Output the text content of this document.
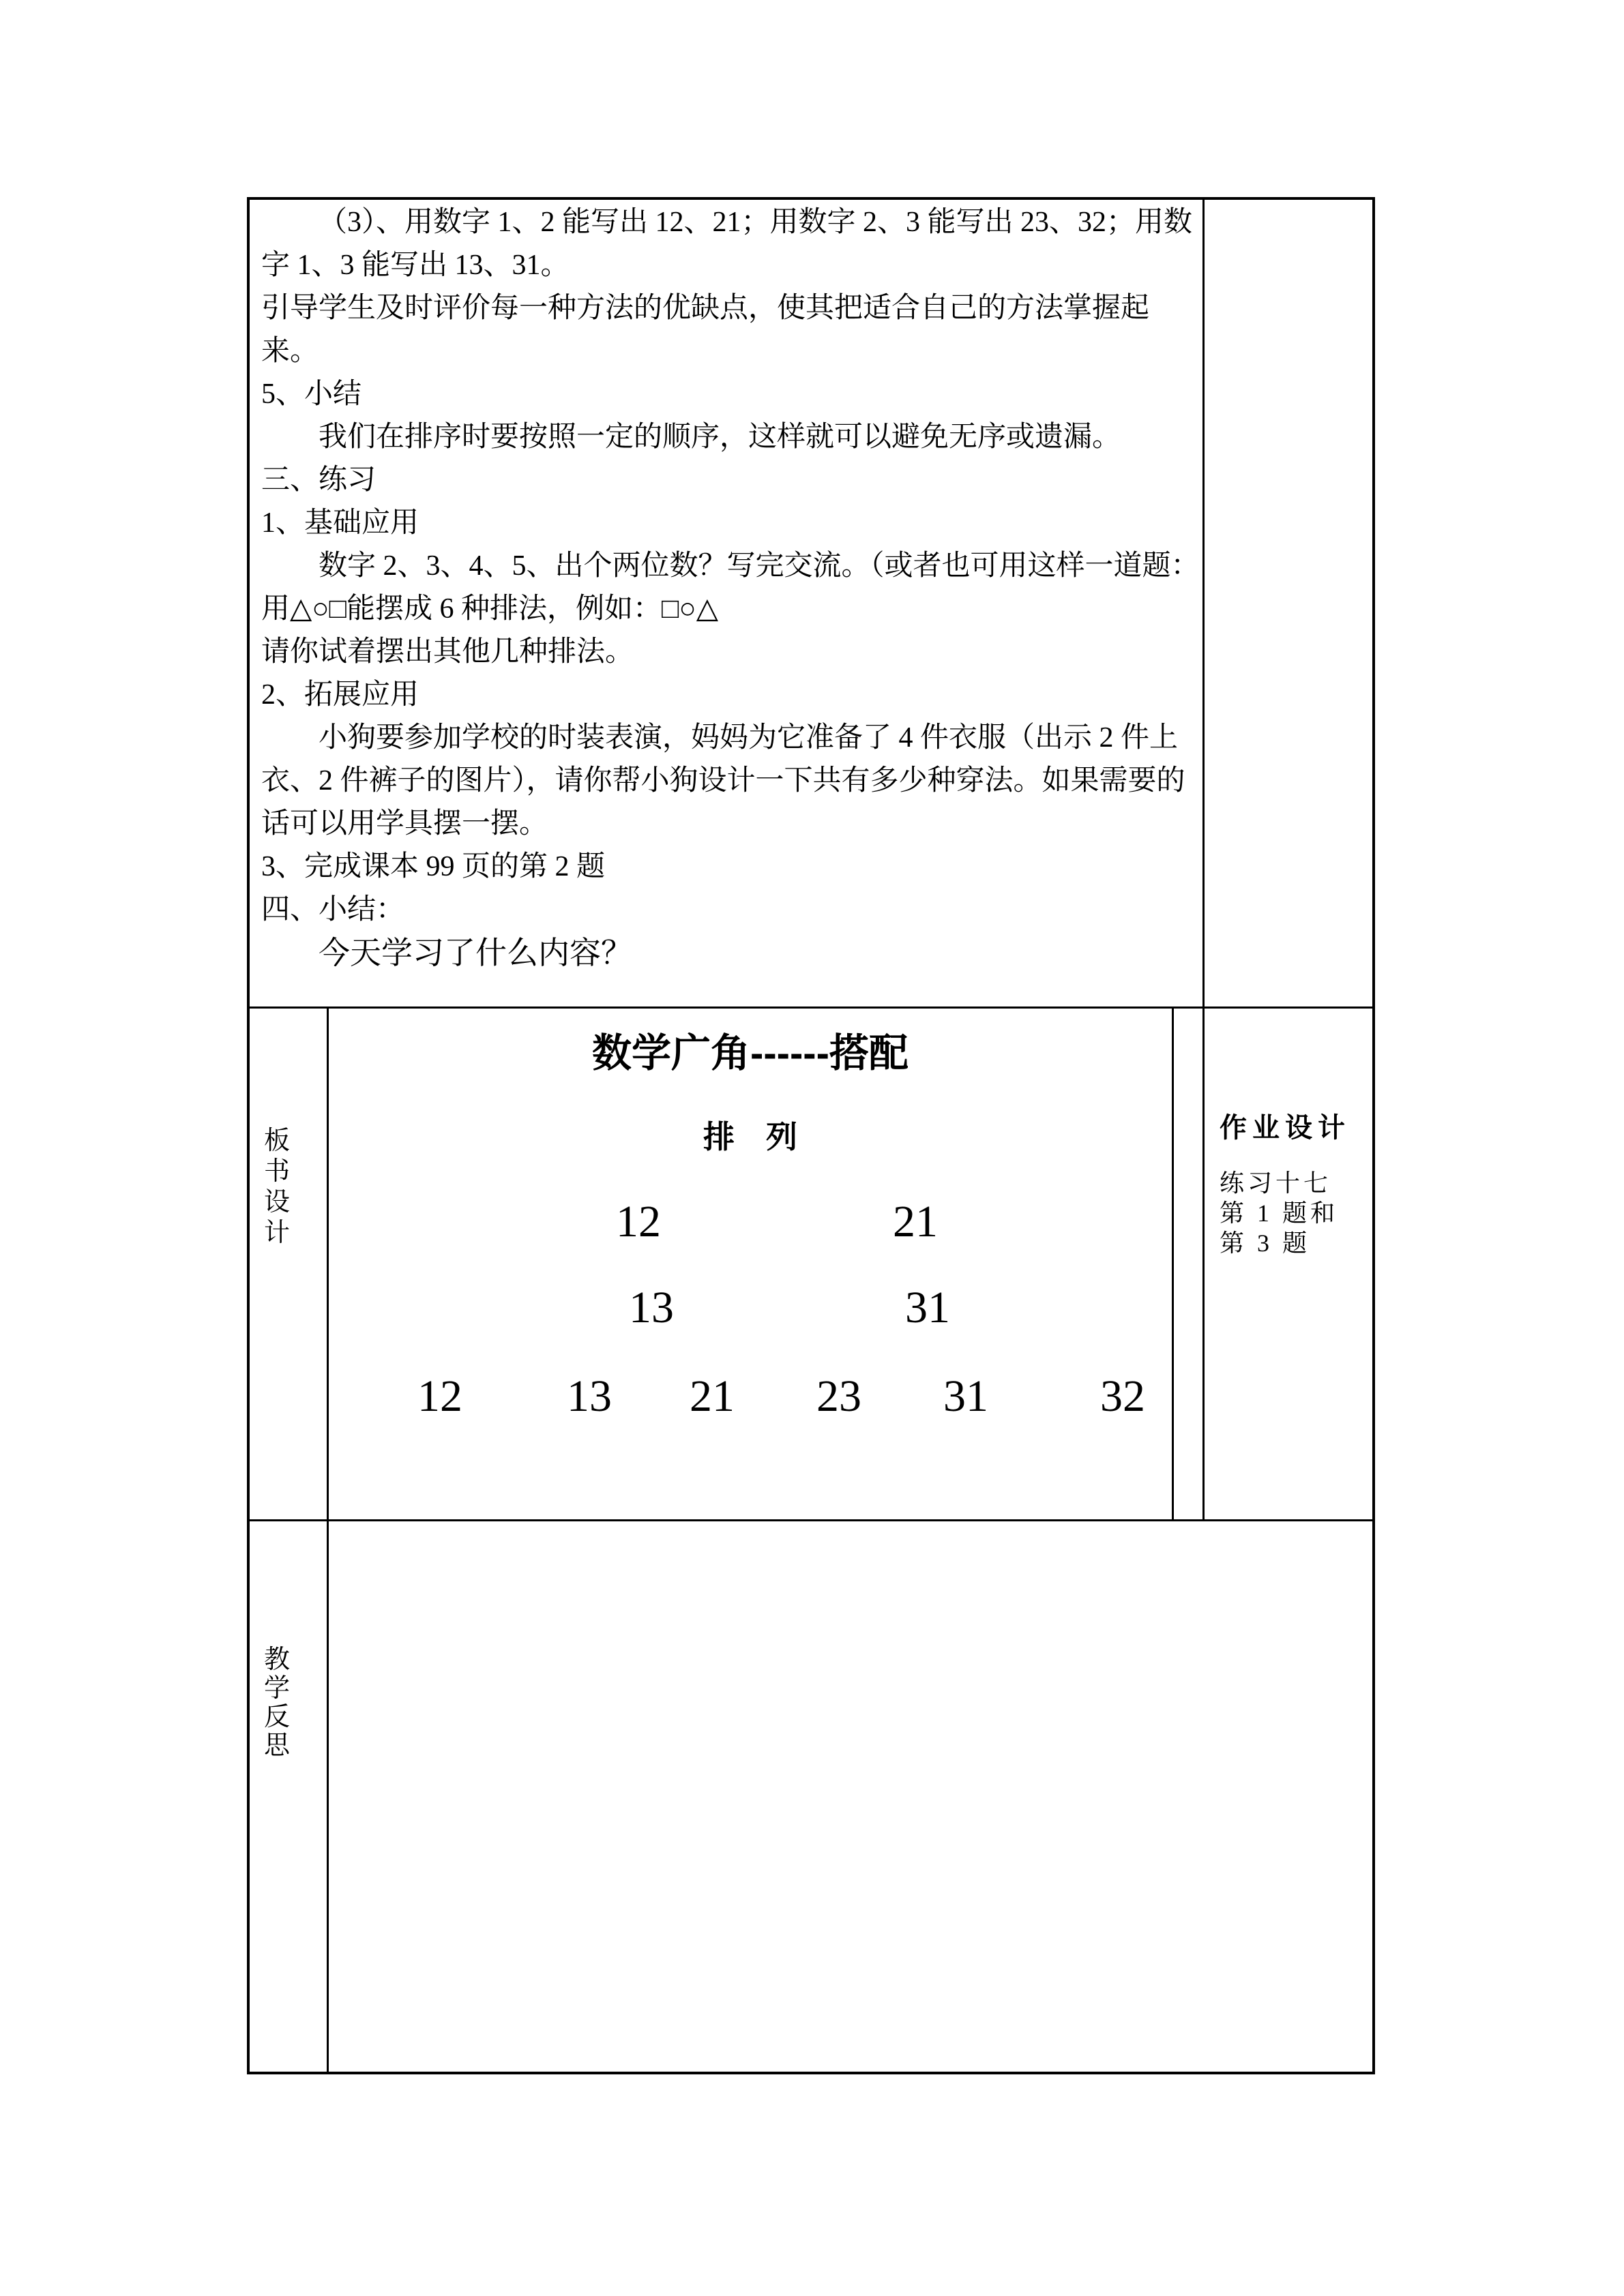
（3）、用数字 1、2 能写出 12、21；用数字 2、3 能写出 23、32；用数
字 1、3 能写出 13、31。
引导学生及时评价每一种方法的优缺点，使其把适合自己的方法掌握起
来。
5、小结
我们在排序时要按照一定的顺序，这样就可以避免无序或遗漏。
三、练习
1、基础应用
数字 2、3、4、5、出个两位数？写完交流。（或者也可用这样一道题：
用△○□能摆成 6 种排法，例如：□○△
请你试着摆出其他几种排法。
2、拓展应用
小狗要参加学校的时装表演，妈妈为它准备了 4 件衣服（出示 2 件上
衣、2 件裤子的图片），请你帮小狗设计一下共有多少种穿法。如果需要的
话可以用学具摆一摆。
3、完成课本 99 页的第 2 题
四、小结：
今天学习了什么内容？
板
书
设
计
数学广角------搭配
排　列
12	21
13	31
12 13 21 23 31 32
作业设计
练习十七
第 1 题和
第 3 题
教
学
反
思
